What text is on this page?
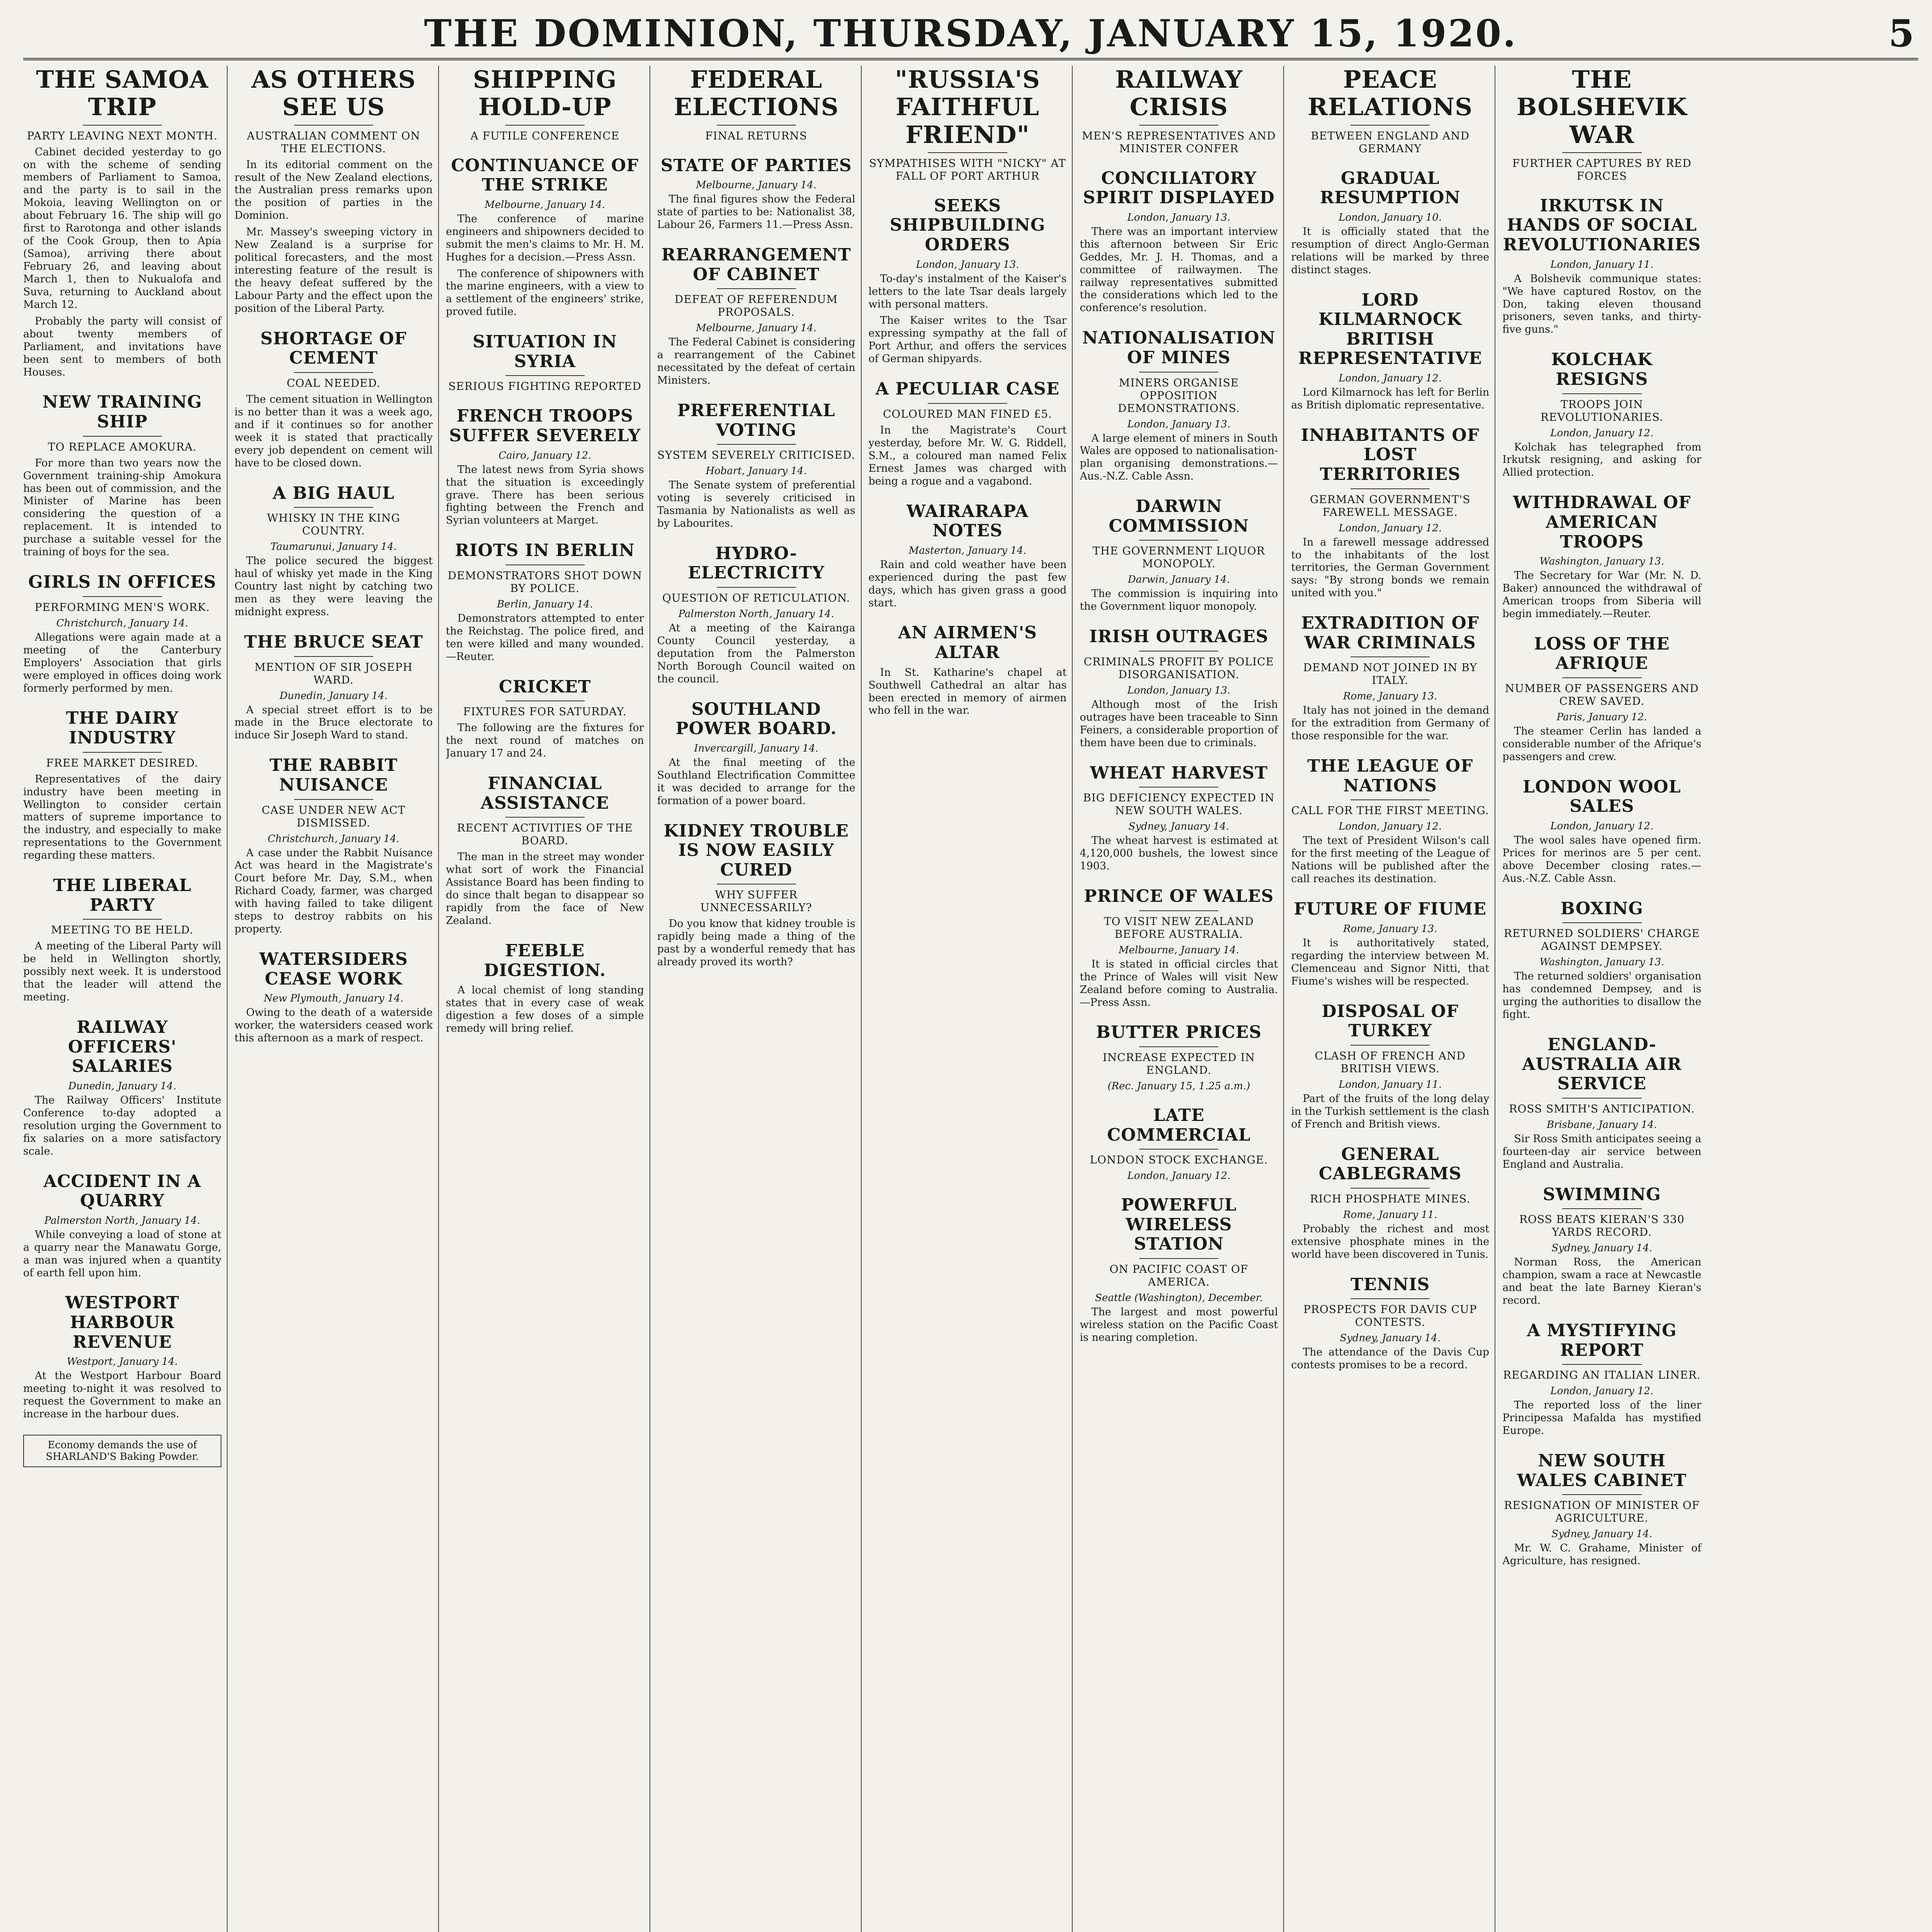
THE DOMINION, THURSDAY, JANUARY 15, 1920.	5
THE SAMOA TRIP
PARTY LEAVING NEXT MONTH.

Cabinet decided yesterday to go on with the scheme of sending members of Parliament to Samoa, and the party is to sail in the Mokoia, leaving Wellington on or about February 16. The ship will go first to Rarotonga and other islands of the Cook Group, then to Apia (Samoa), arriving there about February 26, and leaving about March 1, then to Nukualofa and Suva, returning to Auckland about March 12.

Probably the party will consist of about twenty members of Parliament, and invitations have been sent to members of both Houses.

NEW TRAINING SHIP
TO REPLACE AMOKURA.

For more than two years now the Government training-ship Amokura has been out of commission, and the Minister of Marine has been considering the question of a replacement. It is intended to purchase a suitable vessel for the training of boys for the sea.

GIRLS IN OFFICES
PERFORMING MEN'S WORK.
Christchurch, January 14.

Allegations were again made at a meeting of the Canterbury Employers' Association that girls were employed in offices doing work formerly performed by men.

THE DAIRY INDUSTRY
FREE MARKET DESIRED.

Representatives of the dairy industry have been meeting in Wellington to consider certain matters of supreme importance to the industry, and especially to make representations to the Government regarding these matters.

THE LIBERAL PARTY
MEETING TO BE HELD.

A meeting of the Liberal Party will be held in Wellington shortly, possibly next week. It is understood that the leader will attend the meeting.

RAILWAY OFFICERS' SALARIES
Dunedin, January 14.

The Railway Officers' Institute Conference to-day adopted a resolution urging the Government to fix salaries on a more satisfactory scale.

ACCIDENT IN A QUARRY
Palmerston North, January 14.

While conveying a load of stone at a quarry near the Manawatu Gorge, a man was injured when a quantity of earth fell upon him.

WESTPORT HARBOUR REVENUE
Westport, January 14.

At the Westport Harbour Board meeting to-night it was resolved to request the Government to make an increase in the harbour dues.

Economy demands the use of SHARLAND'S Baking Powder.
AS OTHERS SEE US
AUSTRALIAN COMMENT ON THE ELECTIONS.

In its editorial comment on the result of the New Zealand elections, the Australian press remarks upon the position of parties in the Dominion.

Mr. Massey's sweeping victory in New Zealand is a surprise for political forecasters, and the most interesting feature of the result is the heavy defeat suffered by the Labour Party and the effect upon the position of the Liberal Party.

SHORTAGE OF CEMENT
COAL NEEDED.

The cement situation in Wellington is no better than it was a week ago, and if it continues so for another week it is stated that practically every job dependent on cement will have to be closed down.

A BIG HAUL
WHISKY IN THE KING COUNTRY.
Taumarunui, January 14.

The police secured the biggest haul of whisky yet made in the King Country last night by catching two men as they were leaving the midnight express.

THE BRUCE SEAT
MENTION OF SIR JOSEPH WARD.
Dunedin, January 14.

A special street effort is to be made in the Bruce electorate to induce Sir Joseph Ward to stand.

THE RABBIT NUISANCE
CASE UNDER NEW ACT DISMISSED.
Christchurch, January 14.

A case under the Rabbit Nuisance Act was heard in the Magistrate's Court before Mr. Day, S.M., when Richard Coady, farmer, was charged with having failed to take diligent steps to destroy rabbits on his property.

WATERSIDERS CEASE WORK
New Plymouth, January 14.

Owing to the death of a waterside worker, the watersiders ceased work this afternoon as a mark of respect.

SHIPPING HOLD-UP
A FUTILE CONFERENCE
CONTINUANCE OF THE STRIKE
Melbourne, January 14.

The conference of marine engineers and shipowners decided to submit the men's claims to Mr. H. M. Hughes for a decision.—Press Assn.

The conference of shipowners with the marine engineers, with a view to a settlement of the engineers' strike, proved futile.

SITUATION IN SYRIA
SERIOUS FIGHTING REPORTED
FRENCH TROOPS SUFFER SEVERELY
Cairo, January 12.

The latest news from Syria shows that the situation is exceedingly grave. There has been serious fighting between the French and Syrian volunteers at Marget.

RIOTS IN BERLIN
DEMONSTRATORS SHOT DOWN BY POLICE.
Berlin, January 14.

Demonstrators attempted to enter the Reichstag. The police fired, and ten were killed and many wounded.—Reuter.

CRICKET
FIXTURES FOR SATURDAY.

The following are the fixtures for the next round of matches on January 17 and 24.

FINANCIAL ASSISTANCE
RECENT ACTIVITIES OF THE BOARD.

The man in the street may wonder what sort of work the Financial Assistance Board has been finding to do since thalt began to disappear so rapidly from the face of New Zealand.

FEEBLE DIGESTION.

A local chemist of long standing states that in every case of weak digestion a few doses of a simple remedy will bring relief.

FEDERAL ELECTIONS
FINAL RETURNS
STATE OF PARTIES
Melbourne, January 14.

The final figures show the Federal state of parties to be: Nationalist 38, Labour 26, Farmers 11.—Press Assn.

REARRANGEMENT OF CABINET
DEFEAT OF REFERENDUM PROPOSALS.
Melbourne, January 14.

The Federal Cabinet is considering a rearrangement of the Cabinet necessitated by the defeat of certain Ministers.

PREFERENTIAL VOTING
SYSTEM SEVERELY CRITICISED.
Hobart, January 14.

The Senate system of preferential voting is severely criticised in Tasmania by Nationalists as well as by Labourites.

HYDRO-ELECTRICITY
QUESTION OF RETICULATION.
Palmerston North, January 14.

At a meeting of the Kairanga County Council yesterday, a deputation from the Palmerston North Borough Council waited on the council.

SOUTHLAND POWER BOARD.
Invercargill, January 14.

At the final meeting of the Southland Electrification Committee it was decided to arrange for the formation of a power board.

KIDNEY TROUBLE IS NOW EASILY CURED
WHY SUFFER UNNECESSARILY?

Do you know that kidney trouble is rapidly being made a thing of the past by a wonderful remedy that has already proved its worth?

"RUSSIA'S FAITHFUL FRIEND"
SYMPATHISES WITH "NICKY" AT FALL OF PORT ARTHUR
SEEKS SHIPBUILDING ORDERS
London, January 13.

To-day's instalment of the Kaiser's letters to the late Tsar deals largely with personal matters.

The Kaiser writes to the Tsar expressing sympathy at the fall of Port Arthur, and offers the services of German shipyards.

A PECULIAR CASE
COLOURED MAN FINED £5.

In the Magistrate's Court yesterday, before Mr. W. G. Riddell, S.M., a coloured man named Felix Ernest James was charged with being a rogue and a vagabond.

WAIRARAPA NOTES
Masterton, January 14.

Rain and cold weather have been experienced during the past few days, which has given grass a good start.

AN AIRMEN'S ALTAR

In St. Katharine's chapel at Southwell Cathedral an altar has been erected in memory of airmen who fell in the war.

RAILWAY CRISIS
MEN'S REPRESENTATIVES AND MINISTER CONFER
CONCILIATORY SPIRIT DISPLAYED
London, January 13.

There was an important interview this afternoon between Sir Eric Geddes, Mr. J. H. Thomas, and a committee of railwaymen. The railway representatives submitted the considerations which led to the conference's resolution.

NATIONALISATION OF MINES
MINERS ORGANISE OPPOSITION DEMONSTRATIONS.
London, January 13.

A large element of miners in South Wales are opposed to nationalisation-plan organising demonstrations.—Aus.-N.Z. Cable Assn.

DARWIN COMMISSION
THE GOVERNMENT LIQUOR MONOPOLY.
Darwin, January 14.

The commission is inquiring into the Government liquor monopoly.

IRISH OUTRAGES
CRIMINALS PROFIT BY POLICE DISORGANISATION.
London, January 13.

Although most of the Irish outrages have been traceable to Sinn Feiners, a considerable proportion of them have been due to criminals.

WHEAT HARVEST
BIG DEFICIENCY EXPECTED IN NEW SOUTH WALES.
Sydney, January 14.

The wheat harvest is estimated at 4,120,000 bushels, the lowest since 1903.

PRINCE OF WALES
TO VISIT NEW ZEALAND BEFORE AUSTRALIA.
Melbourne, January 14.

It is stated in official circles that the Prince of Wales will visit New Zealand before coming to Australia.—Press Assn.

BUTTER PRICES
INCREASE EXPECTED IN ENGLAND.
(Rec. January 15, 1.25 a.m.)
LATE COMMERCIAL
LONDON STOCK EXCHANGE.
London, January 12.
POWERFUL WIRELESS STATION
ON PACIFIC COAST OF AMERICA.
Seattle (Washington), December.

The largest and most powerful wireless station on the Pacific Coast is nearing completion.

PEACE RELATIONS
BETWEEN ENGLAND AND GERMANY
GRADUAL RESUMPTION
London, January 10.

It is officially stated that the resumption of direct Anglo-German relations will be marked by three distinct stages.

LORD KILMARNOCK BRITISH REPRESENTATIVE
London, January 12.

Lord Kilmarnock has left for Berlin as British diplomatic representative.

INHABITANTS OF LOST TERRITORIES
GERMAN GOVERNMENT'S FAREWELL MESSAGE.
London, January 12.

In a farewell message addressed to the inhabitants of the lost territories, the German Government says: "By strong bonds we remain united with you."

EXTRADITION OF WAR CRIMINALS
DEMAND NOT JOINED IN BY ITALY.
Rome, January 13.

Italy has not joined in the demand for the extradition from Germany of those responsible for the war.

THE LEAGUE OF NATIONS
CALL FOR THE FIRST MEETING.
London, January 12.

The text of President Wilson's call for the first meeting of the League of Nations will be published after the call reaches its destination.

FUTURE OF FIUME
Rome, January 13.

It is authoritatively stated, regarding the interview between M. Clemenceau and Signor Nitti, that Fiume's wishes will be respected.

DISPOSAL OF TURKEY
CLASH OF FRENCH AND BRITISH VIEWS.
London, January 11.

Part of the fruits of the long delay in the Turkish settlement is the clash of French and British views.

GENERAL CABLEGRAMS
RICH PHOSPHATE MINES.
Rome, January 11.

Probably the richest and most extensive phosphate mines in the world have been discovered in Tunis.

TENNIS
PROSPECTS FOR DAVIS CUP CONTESTS.
Sydney, January 14.

The attendance of the Davis Cup contests promises to be a record.

THE BOLSHEVIK WAR
FURTHER CAPTURES BY RED FORCES
IRKUTSK IN HANDS OF SOCIAL REVOLUTIONARIES
London, January 11.

A Bolshevik communique states: "We have captured Rostov, on the Don, taking eleven thousand prisoners, seven tanks, and thirty-five guns."

KOLCHAK RESIGNS
TROOPS JOIN REVOLUTIONARIES.
London, January 12.

Kolchak has telegraphed from Irkutsk resigning, and asking for Allied protection.

WITHDRAWAL OF AMERICAN TROOPS
Washington, January 13.

The Secretary for War (Mr. N. D. Baker) announced the withdrawal of American troops from Siberia will begin immediately.—Reuter.

LOSS OF THE AFRIQUE
NUMBER OF PASSENGERS AND CREW SAVED.
Paris, January 12.

The steamer Cerlin has landed a considerable number of the Afrique's passengers and crew.

LONDON WOOL SALES
London, January 12.

The wool sales have opened firm. Prices for merinos are 5 per cent. above December closing rates.—Aus.-N.Z. Cable Assn.

BOXING
RETURNED SOLDIERS' CHARGE AGAINST DEMPSEY.
Washington, January 13.

The returned soldiers' organisation has condemned Dempsey, and is urging the authorities to disallow the fight.

ENGLAND-AUSTRALIA AIR SERVICE
ROSS SMITH'S ANTICIPATION.
Brisbane, January 14.

Sir Ross Smith anticipates seeing a fourteen-day air service between England and Australia.

SWIMMING
ROSS BEATS KIERAN'S 330 YARDS RECORD.
Sydney, January 14.

Norman Ross, the American champion, swam a race at Newcastle and beat the late Barney Kieran's record.

A MYSTIFYING REPORT
REGARDING AN ITALIAN LINER.
London, January 12.

The reported loss of the liner Principessa Mafalda has mystified Europe.

NEW SOUTH WALES CABINET
RESIGNATION OF MINISTER OF AGRICULTURE.
Sydney, January 14.

Mr. W. C. Grahame, Minister of Agriculture, has resigned.
